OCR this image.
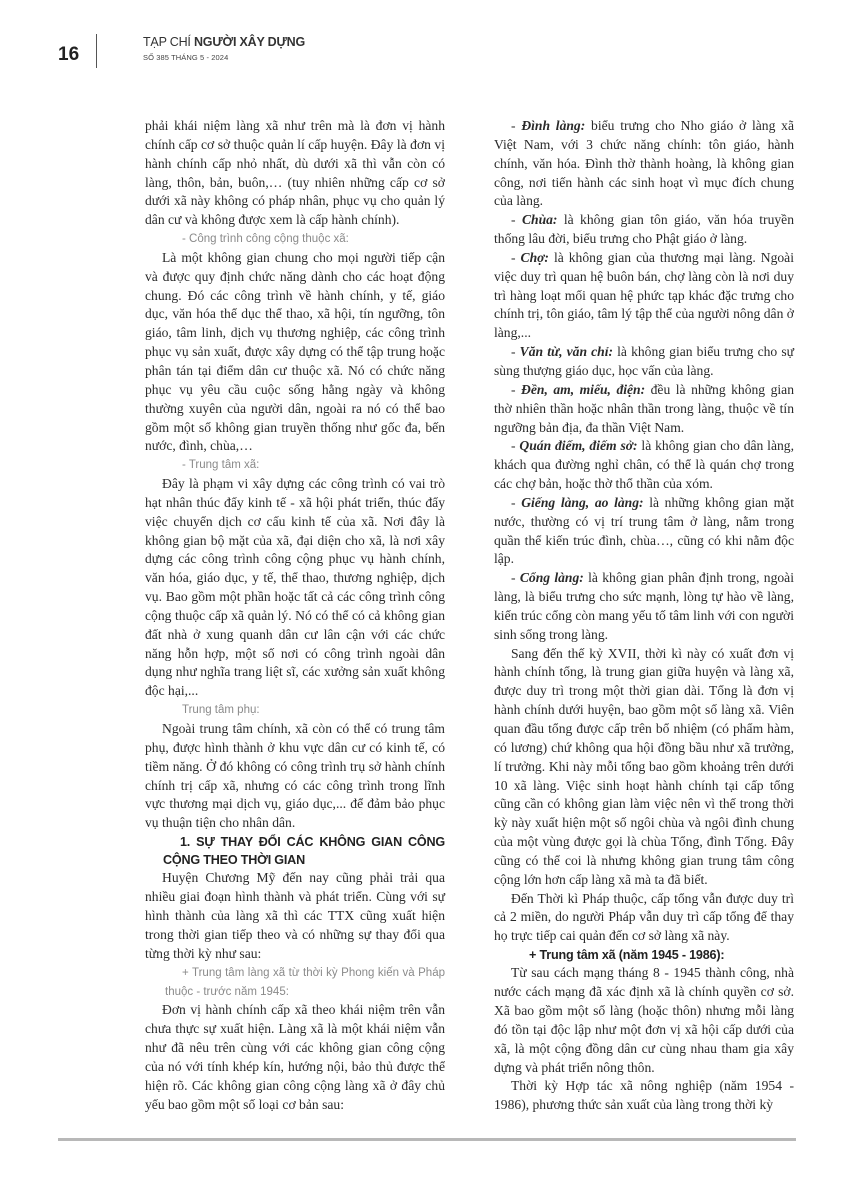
16
TẠP CHÍ NGƯỜI XÂY DỰNG
SỐ 385 THÁNG 5 - 2024

phải khái niệm làng xã như trên mà là đơn vị hành chính cấp cơ sở thuộc quản lí cấp huyện. Đây là đơn vị hành chính cấp nhỏ nhất, dù dưới xã thì vẫn còn có làng, thôn, bản, buôn,… (tuy nhiên những cấp cơ sở dưới xã này không có pháp nhân, phục vụ cho quản lý dân cư và không được xem là cấp hành chính).

- Công trình công cộng thuộc xã:

Là một không gian chung cho mọi người tiếp cận và được quy định chức năng dành cho các hoạt động chung. Đó các công trình về hành chính, y tế, giáo dục, văn hóa thể dục thể thao, xã hội, tín ngưỡng, tôn giáo, tâm linh, dịch vụ thương nghiệp, các công trình phục vụ sản xuất, được xây dựng có thể tập trung hoặc phân tán tại điểm dân cư thuộc xã. Nó có chức năng phục vụ yêu cầu cuộc sống hằng ngày và không thường xuyên của người dân, ngoài ra nó có thể bao gồm một số không gian truyền thống như gốc đa, bến nước, đình, chùa,…

- Trung tâm xã:

Đây là phạm vi xây dựng các công trình có vai trò hạt nhân thúc đẩy kinh tế - xã hội phát triển, thúc đẩy việc chuyển dịch cơ cấu kinh tế của xã. Nơi đây là không gian bộ mặt của xã, đại diện cho xã, là nơi xây dựng các công trình công cộng phục vụ hành chính, văn hóa, giáo dục, y tế, thể thao, thương nghiệp, dịch vụ. Bao gồm một phần hoặc tất cả các công trình công cộng thuộc cấp xã quản lý. Nó có thể có cả không gian đất nhà ở xung quanh dân cư lân cận với các chức năng hỗn hợp, một số nơi có công trình ngoài dân dụng như nghĩa trang liệt sĩ, các xưởng sản xuất không độc hại,...

Trung tâm phụ:

Ngoài trung tâm chính, xã còn có thể có trung tâm phụ, được hình thành ở khu vực dân cư có kinh tế, có tiềm năng. Ở đó không có công trình trụ sở hành chính chính trị cấp xã, nhưng có các công trình trong lĩnh vực thương mại dịch vụ, giáo dục,... để đảm bảo phục vụ thuận tiện cho nhân dân.

1. SỰ THAY ĐỔI CÁC KHÔNG GIAN CÔNG CỘNG THEO THỜI GIAN

Huyện Chương Mỹ đến nay cũng phải trải qua nhiều giai đoạn hình thành và phát triển. Cùng với sự hình thành của làng xã thì các TTX cũng xuất hiện trong thời gian tiếp theo và có những sự thay đổi qua từng thời kỳ như sau:

+ Trung tâm làng xã từ thời kỳ Phong kiến và Pháp thuộc - trước năm 1945:

Đơn vị hành chính cấp xã theo khái niệm trên vẫn chưa thực sự xuất hiện. Làng xã là một khái niệm vẫn như đã nêu trên cùng với các không gian công cộng của nó với tính khép kín, hướng nội, bảo thủ được thể hiện rõ. Các không gian công cộng làng xã ở đây chủ yếu bao gồm một số loại cơ bản sau:

- Đình làng: biểu trưng cho Nho giáo ở làng xã Việt Nam, với 3 chức năng chính: tôn giáo, hành chính, văn hóa. Đình thờ thành hoàng, là không gian công, nơi tiến hành các sinh hoạt vì mục đích chung của làng.

- Chùa: là không gian tôn giáo, văn hóa truyền thống lâu đời, biểu trưng cho Phật giáo ở làng.

- Chợ: là không gian của thương mại làng. Ngoài việc duy trì quan hệ buôn bán, chợ làng còn là nơi duy trì hàng loạt mối quan hệ phức tạp khác đặc trưng cho chính trị, tôn giáo, tâm lý tập thể của người nông dân ở làng,...

- Văn từ, văn chỉ: là không gian biểu trưng cho sự sùng thượng giáo dục, học vấn của làng.

- Đền, am, miếu, điện: đều là những không gian thờ nhiên thần hoặc nhân thần trong làng, thuộc về tín ngưỡng bản địa, đa thần Việt Nam.

- Quán điếm, điếm sở: là không gian cho dân làng, khách qua đường nghỉ chân, có thể là quán chợ trong các chợ bản, hoặc thờ thổ thần của xóm.

- Giếng làng, ao làng: là những không gian mặt nước, thường có vị trí trung tâm ở làng, nằm trong quần thể kiến trúc đình, chùa…, cũng có khi nằm độc lập.

- Cổng làng: là không gian phân định trong, ngoài làng, là biểu trưng cho sức mạnh, lòng tự hào về làng, kiến trúc cổng còn mang yếu tố tâm linh với con người sinh sống trong làng.

Sang đến thế kỷ XVII, thời kì này có xuất đơn vị hành chính tổng, là trung gian giữa huyện và làng xã, được duy trì trong một thời gian dài. Tổng là đơn vị hành chính dưới huyện, bao gồm một số làng xã. Viên quan đầu tổng được cấp trên bổ nhiệm (có phẩm hàm, có lương) chứ không qua hội đồng bầu như xã trưởng, lí trưởng. Khi này mỗi tổng bao gồm khoảng trên dưới 10 xã làng. Việc sinh hoạt hành chính tại cấp tổng cũng cần có không gian làm việc nên vì thế trong thời kỳ này xuất hiện một số ngôi chùa và ngôi đình chung của một vùng được gọi là chùa Tổng, đình Tổng. Đây cũng có thể coi là nhưng không gian trung tâm công cộng lớn hơn cấp làng xã mà ta đã biết.

Đến Thời kì Pháp thuộc, cấp tổng vẫn được duy trì cả 2 miền, do người Pháp vẫn duy trì cấp tổng để thay họ trực tiếp cai quản đến cơ sở làng xã này.

+ Trung tâm xã (năm 1945 - 1986):

Từ sau cách mạng tháng 8 - 1945 thành công, nhà nước cách mạng đã xác định xã là chính quyền cơ sở. Xã bao gồm một số làng (hoặc thôn) nhưng mỗi làng đó tồn tại độc lập như một đơn vị xã hội cấp dưới của xã, là một cộng đồng dân cư cùng nhau tham gia xây dựng và phát triển nông thôn.

Thời kỳ Hợp tác xã nông nghiệp (năm 1954 - 1986), phương thức sản xuất của làng trong thời kỳ
